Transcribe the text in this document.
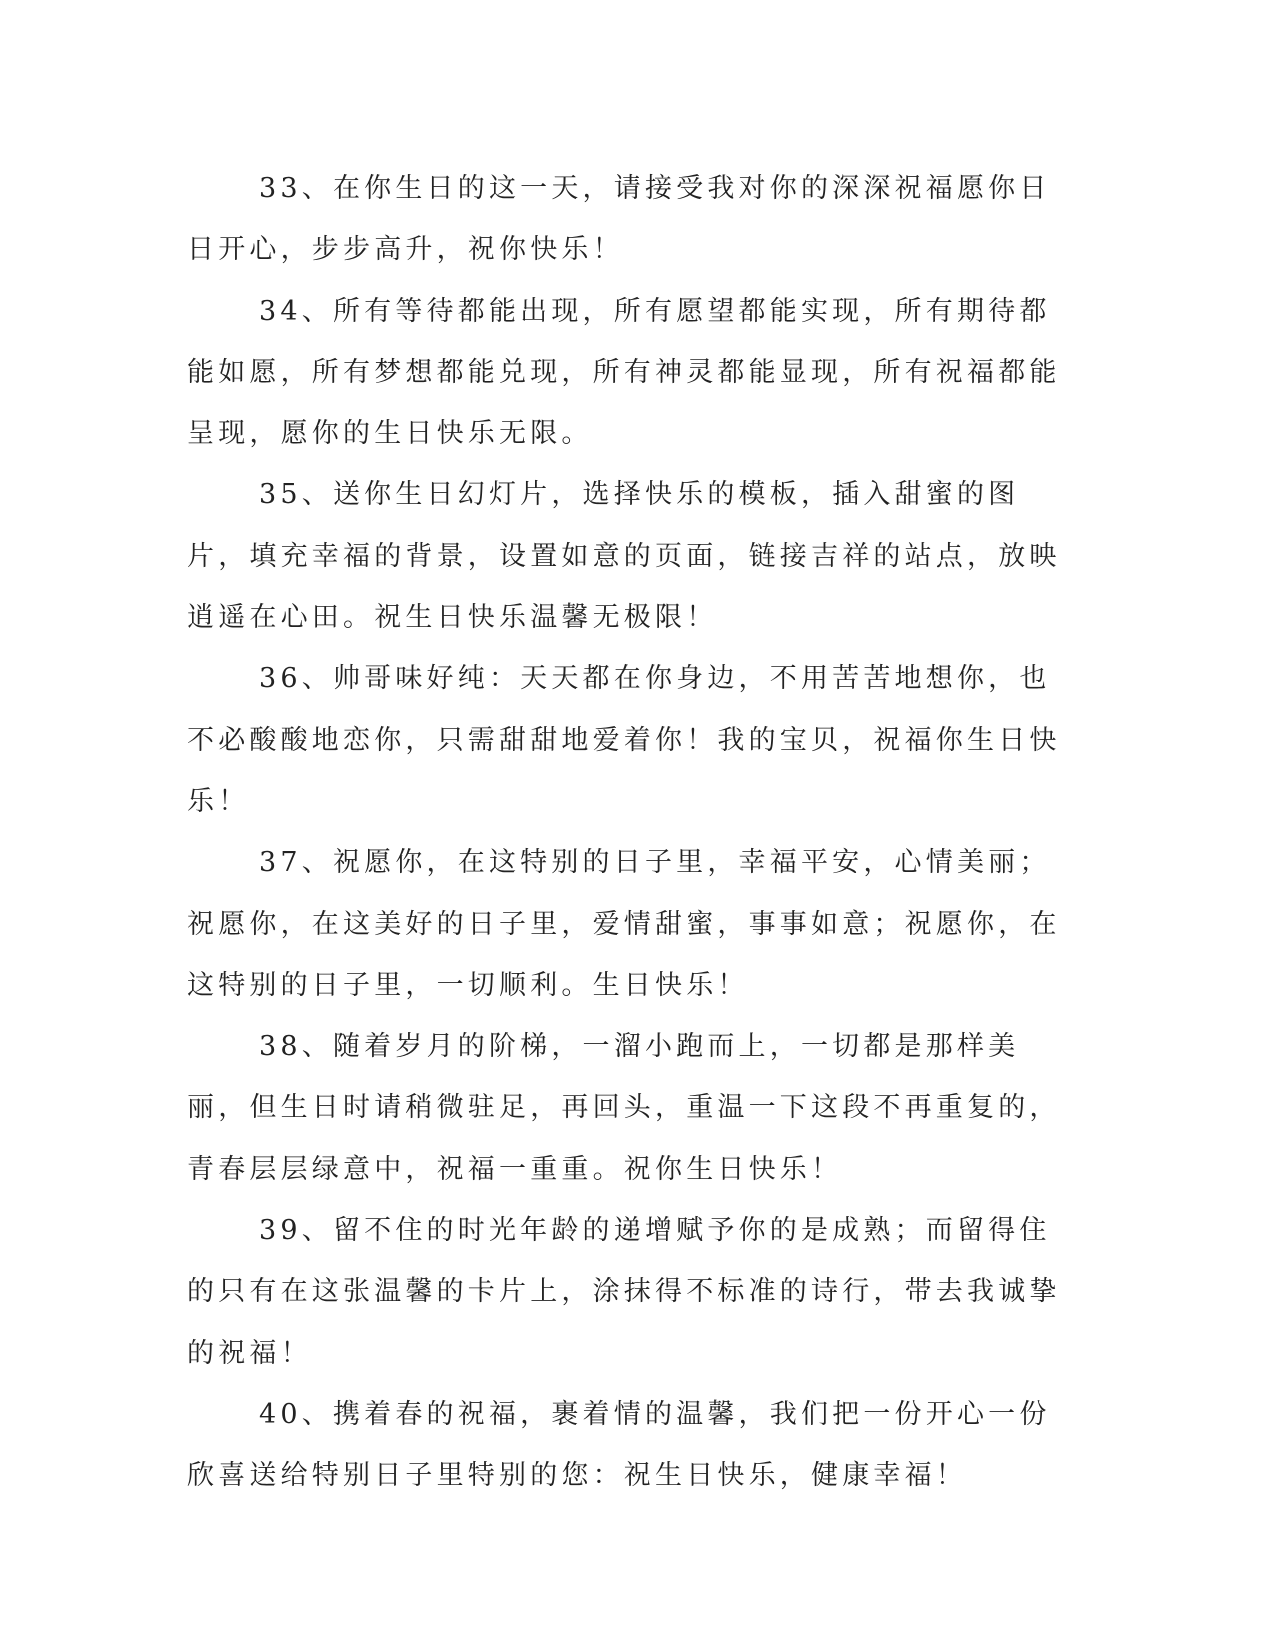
33、在你生日的这一天，请接受我对你的深深祝福愿你日日开心，步步高升，祝你快乐！

34、所有等待都能出现，所有愿望都能实现，所有期待都能如愿，所有梦想都能兑现，所有神灵都能显现，所有祝福都能呈现，愿你的生日快乐无限。

35、送你生日幻灯片，选择快乐的模板，插入甜蜜的图片，填充幸福的背景，设置如意的页面，链接吉祥的站点，放映逍遥在心田。祝生日快乐温馨无极限！

36、帅哥味好纯：天天都在你身边，不用苦苦地想你，也不必酸酸地恋你，只需甜甜地爱着你！我的宝贝，祝福你生日快乐！

37、祝愿你，在这特别的日子里，幸福平安，心情美丽；祝愿你，在这美好的日子里，爱情甜蜜，事事如意；祝愿你，在这特别的日子里，一切顺利。生日快乐！

38、随着岁月的阶梯，一溜小跑而上，一切都是那样美丽，但生日时请稍微驻足，再回头，重温一下这段不再重复的，青春层层绿意中，祝福一重重。祝你生日快乐！

39、留不住的时光年龄的递增赋予你的是成熟；而留得住的只有在这张温馨的卡片上，涂抹得不标准的诗行，带去我诚挚的祝福！

40、携着春的祝福，裹着情的温馨，我们把一份开心一份欣喜送给特别日子里特别的您：祝生日快乐，健康幸福！
